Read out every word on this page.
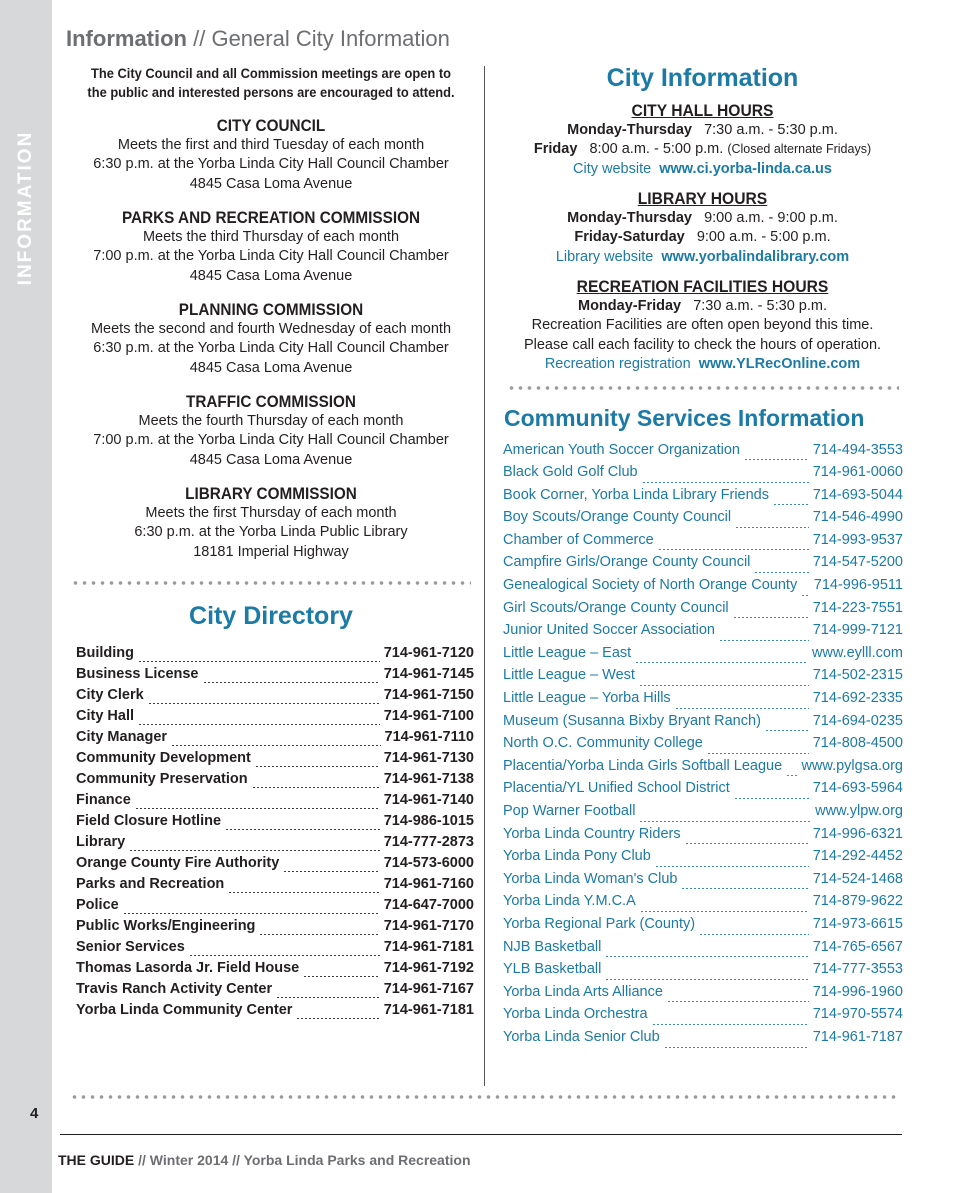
INFORMATION
4
Information // General City Information
The City Council and all Commission meetings are open to the public and interested persons are encouraged to attend.
CITY COUNCIL
Meets the first and third Tuesday of each month
6:30 p.m. at the Yorba Linda City Hall Council Chamber
4845 Casa Loma Avenue
PARKS AND RECREATION COMMISSION
Meets the third Thursday of each month
7:00 p.m. at the Yorba Linda City Hall Council Chamber
4845 Casa Loma Avenue
PLANNING COMMISSION
Meets the second and fourth Wednesday of each month
6:30 p.m. at the Yorba Linda City Hall Council Chamber
4845 Casa Loma Avenue
TRAFFIC COMMISSION
Meets the fourth Thursday of each month
7:00 p.m. at the Yorba Linda City Hall Council Chamber
4845 Casa Loma Avenue
LIBRARY COMMISSION
Meets the first Thursday of each month
6:30 p.m. at the Yorba Linda Public Library
18181 Imperial Highway
City Directory
Building	714-961-7120
Business License	714-961-7145
City Clerk	714-961-7150
City Hall	714-961-7100
City Manager	714-961-7110
Community Development	714-961-7130
Community Preservation	714-961-7138
Finance	714-961-7140
Field Closure Hotline	714-986-1015
Library	714-777-2873
Orange County Fire Authority	714-573-6000
Parks and Recreation	714-961-7160
Police	714-647-7000
Public Works/Engineering	714-961-7170
Senior Services	714-961-7181
Thomas Lasorda Jr. Field House	714-961-7192
Travis Ranch Activity Center	714-961-7167
Yorba Linda Community Center	714-961-7181
City Information
CITY HALL HOURS
Monday-Thursday 7:30 a.m. - 5:30 p.m.
Friday 8:00 a.m. - 5:00 p.m. (Closed alternate Fridays)
City website www.ci.yorba-linda.ca.us
LIBRARY HOURS
Monday-Thursday 9:00 a.m. - 9:00 p.m.
Friday-Saturday 9:00 a.m. - 5:00 p.m.
Library website www.yorbalindalibrary.com
RECREATION FACILITIES HOURS
Monday-Friday 7:30 a.m. - 5:30 p.m.
Recreation Facilities are often open beyond this time.
Please call each facility to check the hours of operation.
Recreation registration www.YLRecOnline.com
Community Services Information
American Youth Soccer Organization	714-494-3553
Black Gold Golf Club	714-961-0060
Book Corner, Yorba Linda Library Friends	714-693-5044
Boy Scouts/Orange County Council	714-546-4990
Chamber of Commerce	714-993-9537
Campfire Girls/Orange County Council	714-547-5200
Genealogical Society of North Orange County 714-996-9511
Girl Scouts/Orange County Council	714-223-7551
Junior United Soccer Association	714-999-7121
Little League – East	www.eylll.com
Little League – West	714-502-2315
Little League – Yorba Hills	714-692-2335
Museum (Susanna Bixby Bryant Ranch)	714-694-0235
North O.C. Community College	714-808-4500
Placentia/Yorba Linda Girls Softball League www.pylgsa.org
Placentia/YL Unified School District	714-693-5964
Pop Warner Football	www.ylpw.org
Yorba Linda Country Riders	714-996-6321
Yorba Linda Pony Club	714-292-4452
Yorba Linda Woman's Club	714-524-1468
Yorba Linda Y.M.C.A	714-879-9622
Yorba Regional Park (County)	714-973-6615
NJB Basketball	714-765-6567
YLB Basketball	714-777-3553
Yorba Linda Arts Alliance	714-996-1960
Yorba Linda Orchestra	714-970-5574
Yorba Linda Senior Club	714-961-7187
THE GUIDE // Winter 2014 // Yorba Linda Parks and Recreation
